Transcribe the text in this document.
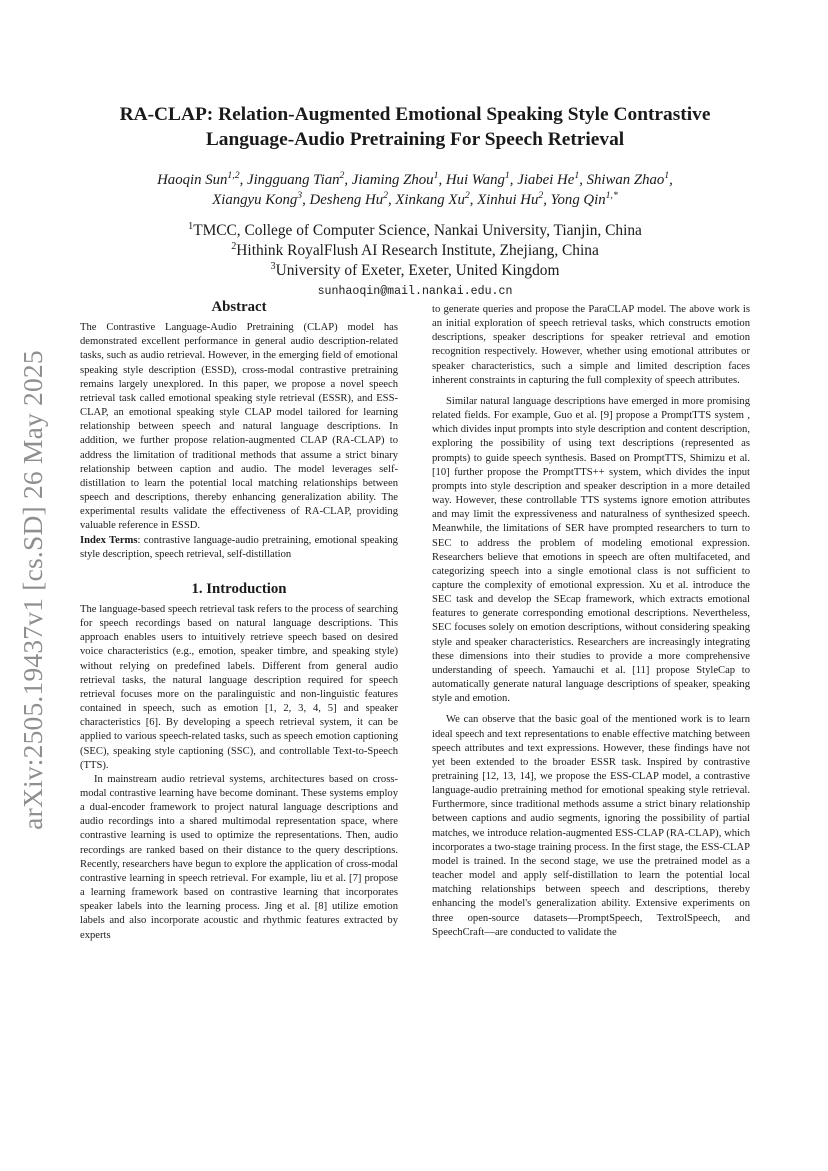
arXiv:2505.19437v1 [cs.SD] 26 May 2025
RA-CLAP: Relation-Augmented Emotional Speaking Style Contrastive
Language-Audio Pretraining For Speech Retrieval
Haoqin Sun$^{1,2}$, Jingguang Tian$^2$, Jiaming Zhou$^1$, Hui Wang$^1$, Jiabei He$^1$, Shiwan Zhao$^1$,
Xiangyu Kong$^3$, Desheng Hu$^2$, Xinkang Xu$^2$, Xinhui Hu$^2$, Yong Qin$^{1,*}$
$^1$TMCC, College of Computer Science, Nankai University, Tianjin, China
$^2$Hithink RoyalFlush AI Research Institute, Zhejiang, China
$^3$University of Exeter, Exeter, United Kingdom
sunhaoqin@mail.nankai.edu.cn
Abstract

The Contrastive Language-Audio Pretraining (CLAP) model has demonstrated excellent performance in general audio description-related tasks, such as audio retrieval. However, in the emerging field of emotional speaking style description (ESSD), cross-modal contrastive pretraining remains largely unexplored. In this paper, we propose a novel speech retrieval task called emotional speaking style retrieval (ESSR), and ESS-CLAP, an emotional speaking style CLAP model tailored for learning relationship between speech and natural language descriptions. In addition, we further propose relation-augmented CLAP (RA-CLAP) to address the limitation of traditional methods that assume a strict binary relationship between caption and audio. The model leverages self-distillation to learn the potential local matching relationships between speech and descriptions, thereby enhancing generalization ability. The experimental results validate the effectiveness of RA-CLAP, providing valuable reference in ESSD.

Index Terms: contrastive language-audio pretraining, emotional speaking style description, speech retrieval, self-distillation

1. Introduction

The language-based speech retrieval task refers to the process of searching for speech recordings based on natural language descriptions. This approach enables users to intuitively retrieve speech based on desired voice characteristics (e.g., emotion, speaker timbre, and speaking style) without relying on predefined labels. Different from general audio retrieval tasks, the natural language description required for speech retrieval focuses more on the paralinguistic and non-linguistic features contained in speech, such as emotion [1, 2, 3, 4, 5] and speaker characteristics [6]. By developing a speech retrieval system, it can be applied to various speech-related tasks, such as speech emotion captioning (SEC), speaking style captioning (SSC), and controllable Text-to-Speech (TTS).

In mainstream audio retrieval systems, architectures based on cross-modal contrastive learning have become dominant. These systems employ a dual-encoder framework to project natural language descriptions and audio recordings into a shared multimodal representation space, where contrastive learning is used to optimize the representations. Then, audio recordings are ranked based on their distance to the query descriptions. Recently, researchers have begun to explore the application of cross-modal contrastive learning in speech retrieval. For example, liu et al. [7] propose a learning framework based on contrastive learning that incorporates speaker labels into the learning process. Jing et al. [8] utilize emotion labels and also incorporate acoustic and rhythmic features extracted by experts

to generate queries and propose the ParaCLAP model. The above work is an initial exploration of speech retrieval tasks, which constructs emotion descriptions, speaker descriptions for speaker retrieval and emotion recognition respectively. However, whether using emotional attributes or speaker characteristics, such a simple and limited description faces inherent constraints in capturing the full complexity of speech attributes.

Similar natural language descriptions have emerged in more promising related fields. For example, Guo et al. [9] propose a PromptTTS system , which divides input prompts into style description and content description, exploring the possibility of using text descriptions (represented as prompts) to guide speech synthesis. Based on PromptTTS, Shimizu et al. [10] further propose the PromptTTS++ system, which divides the input prompts into style description and speaker description in a more detailed way. However, these controllable TTS systems ignore emotion attributes and may limit the expressiveness and naturalness of synthesized speech. Meanwhile, the limitations of SER have prompted researchers to turn to SEC to address the problem of modeling emotional expression. Researchers believe that emotions in speech are often multifaceted, and categorizing speech into a single emotional class is not sufficient to capture the complexity of emotional expression. Xu et al. introduce the SEC task and develop the SEcap framework, which extracts emotional features to generate corresponding emotional descriptions. Nevertheless, SEC focuses solely on emotion descriptions, without considering speaking style and speaker characteristics. Researchers are increasingly integrating these dimensions into their studies to provide a more comprehensive understanding of speech. Yamauchi et al. [11] propose StyleCap to automatically generate natural language descriptions of speaker, speaking style and emotion.

We can observe that the basic goal of the mentioned work is to learn ideal speech and text representations to enable effective matching between speech attributes and text expressions. However, these findings have not yet been extended to the broader ESSR task. Inspired by contrastive pretraining [12, 13, 14], we propose the ESS-CLAP model, a contrastive language-audio pretraining method for emotional speaking style retrieval. Furthermore, since traditional methods assume a strict binary relationship between captions and audio segments, ignoring the possibility of partial matches, we introduce relation-augmented ESS-CLAP (RA-CLAP), which incorporates a two-stage training process. In the first stage, the ESS-CLAP model is trained. In the second stage, we use the pretrained model as a teacher model and apply self-distillation to learn the potential local matching relationships between speech and descriptions, thereby enhancing the model's generalization ability. Extensive experiments on three open-source datasets—PromptSpeech, TextrolSpeech, and SpeechCraft—are conducted to validate the
